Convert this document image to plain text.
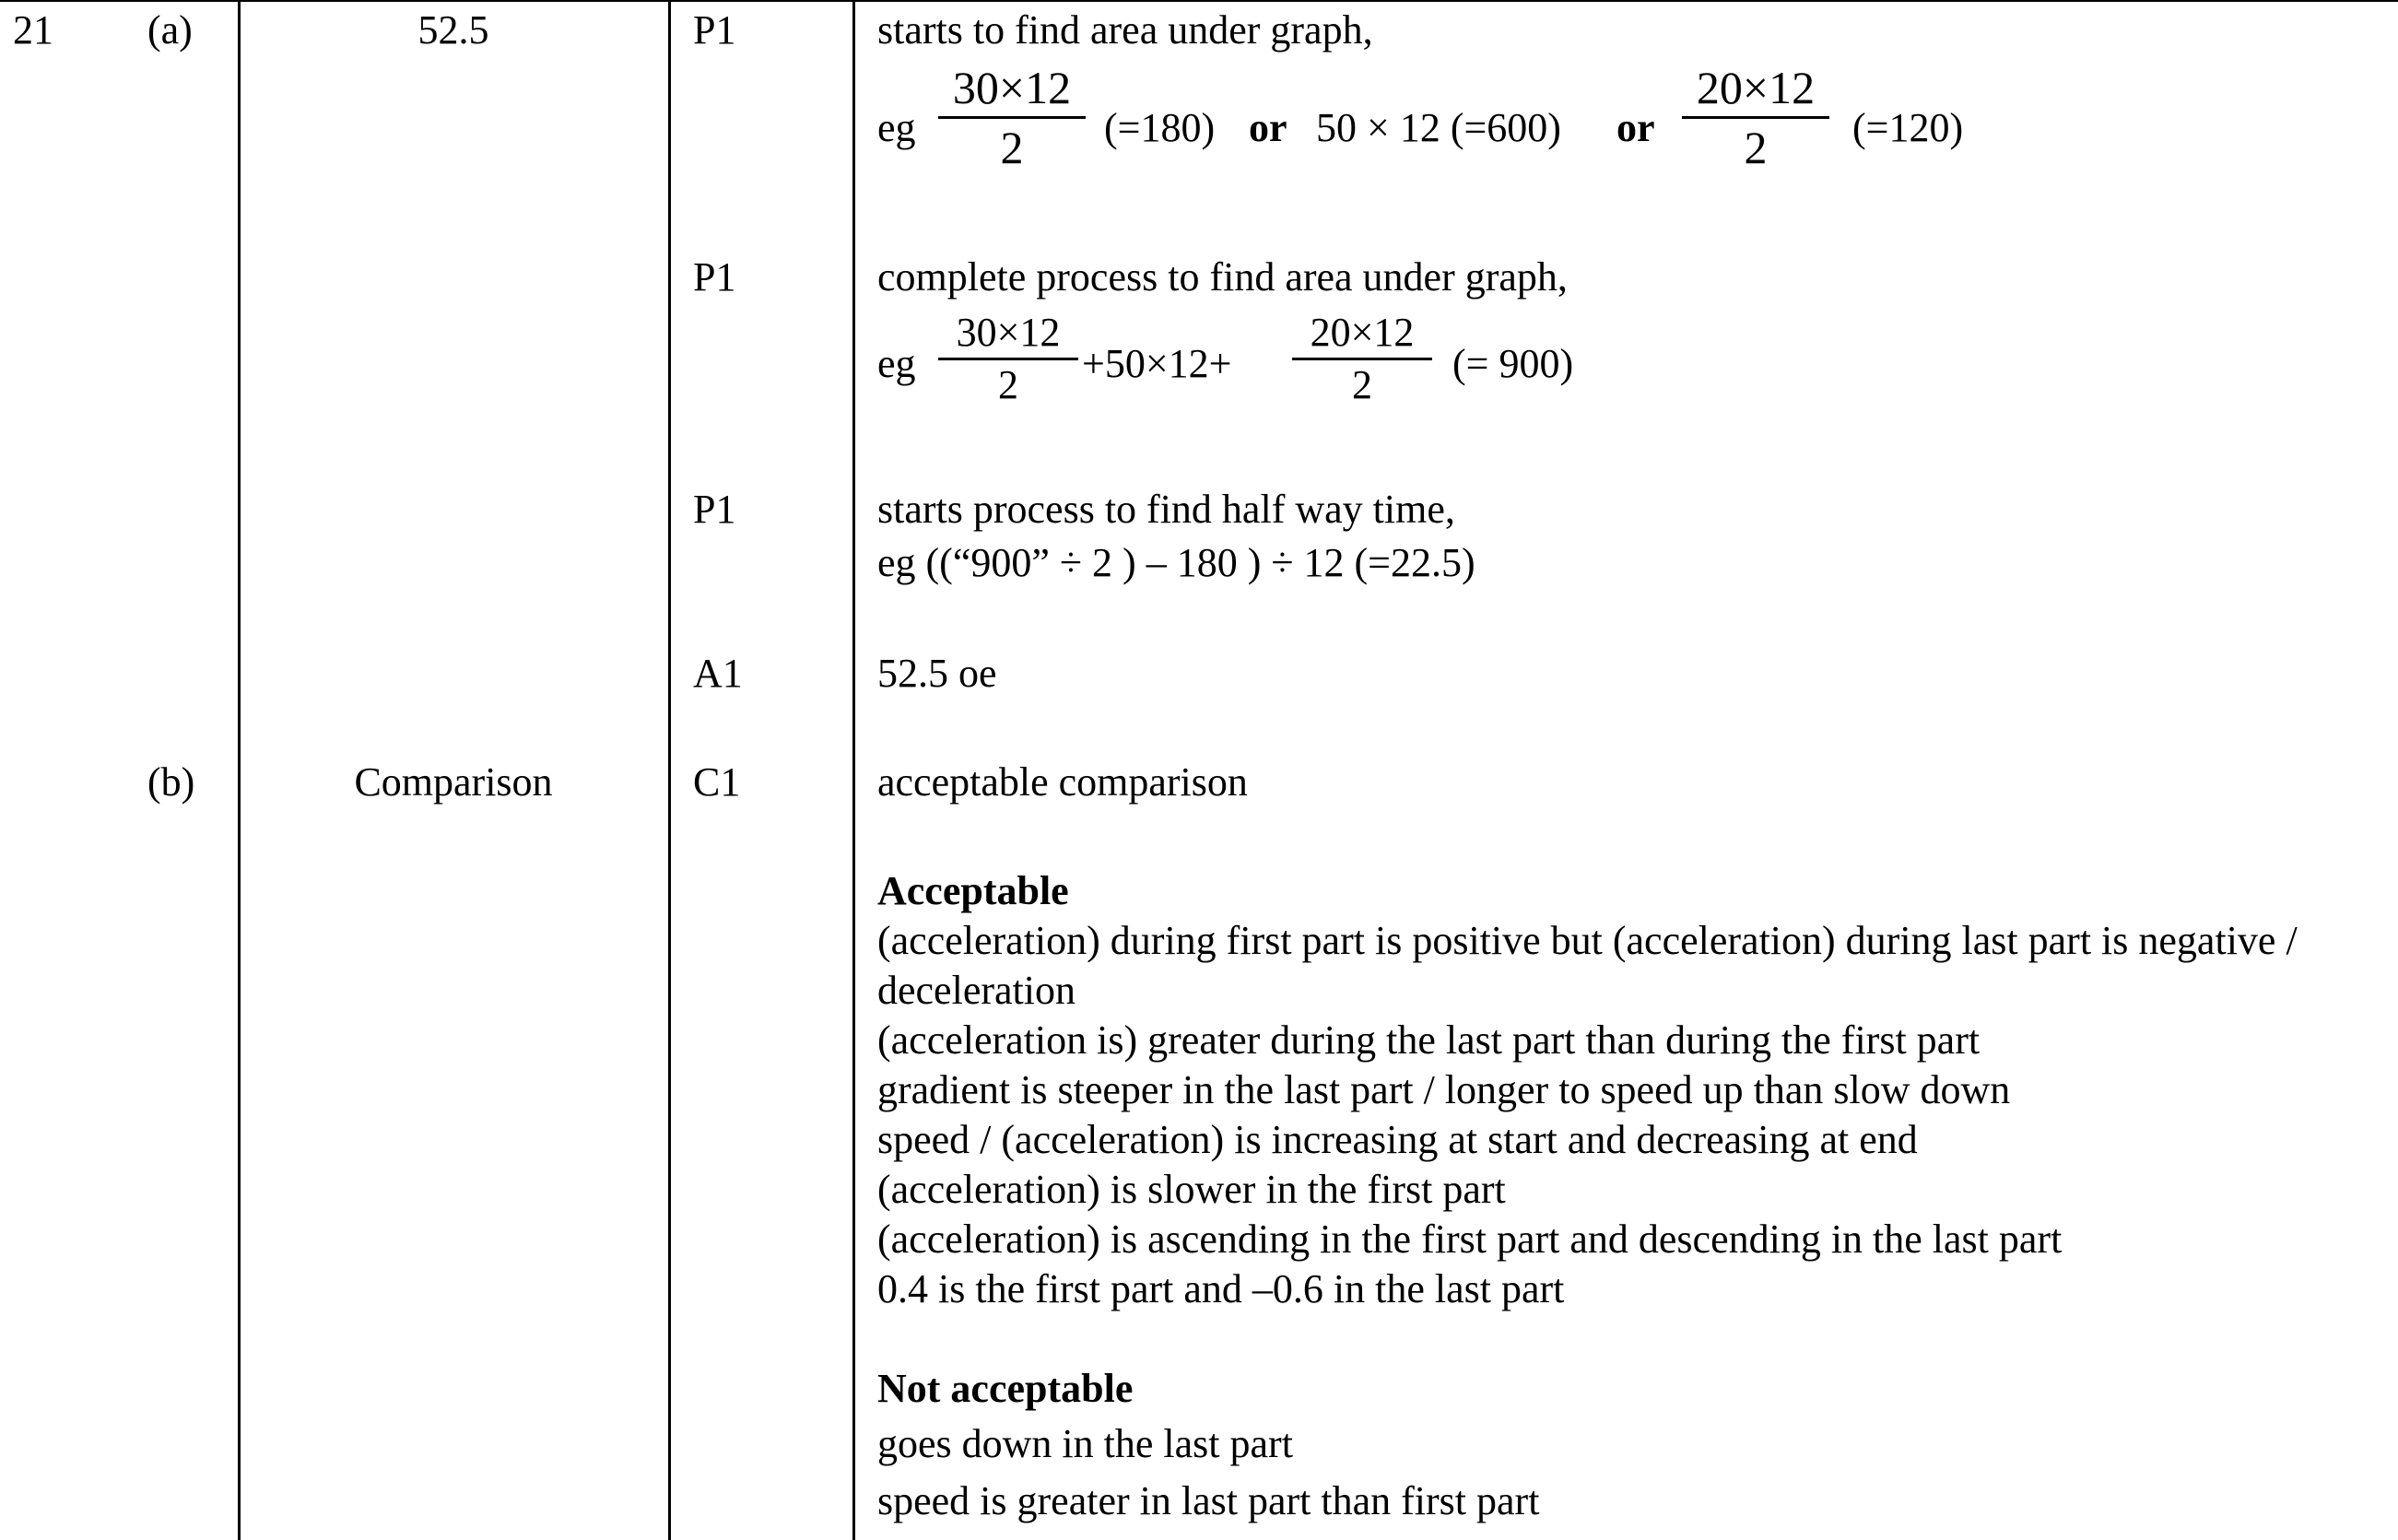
21 (a)	52.5	P1	starts to find area under graph,
eg
30×12
2	(=180) or 50 × 12 (=600) or
20×12
2	(=120)
P1	complete process to find area under graph,
eg
30×12
2	+50×12+
20×12
2	(= 900)
P1	starts process to find half way time,
eg ((“900” ÷ 2 ) – 180 ) ÷ 12 (=22.5)
A1	52.5 oe
(b)	Comparison	C1	acceptable comparison
Acceptable
(acceleration) during first part is positive but (acceleration) during last part is negative /
deceleration
(acceleration is) greater during the last part than during the first part
gradient is steeper in the last part / longer to speed up than slow down
speed / (acceleration) is increasing at start and decreasing at end
(acceleration) is slower in the first part
(acceleration) is ascending in the first part and descending in the last part
0.4 is the first part and –0.6 in the last part
Not acceptable
goes down in the last part
speed is greater in last part than first part
